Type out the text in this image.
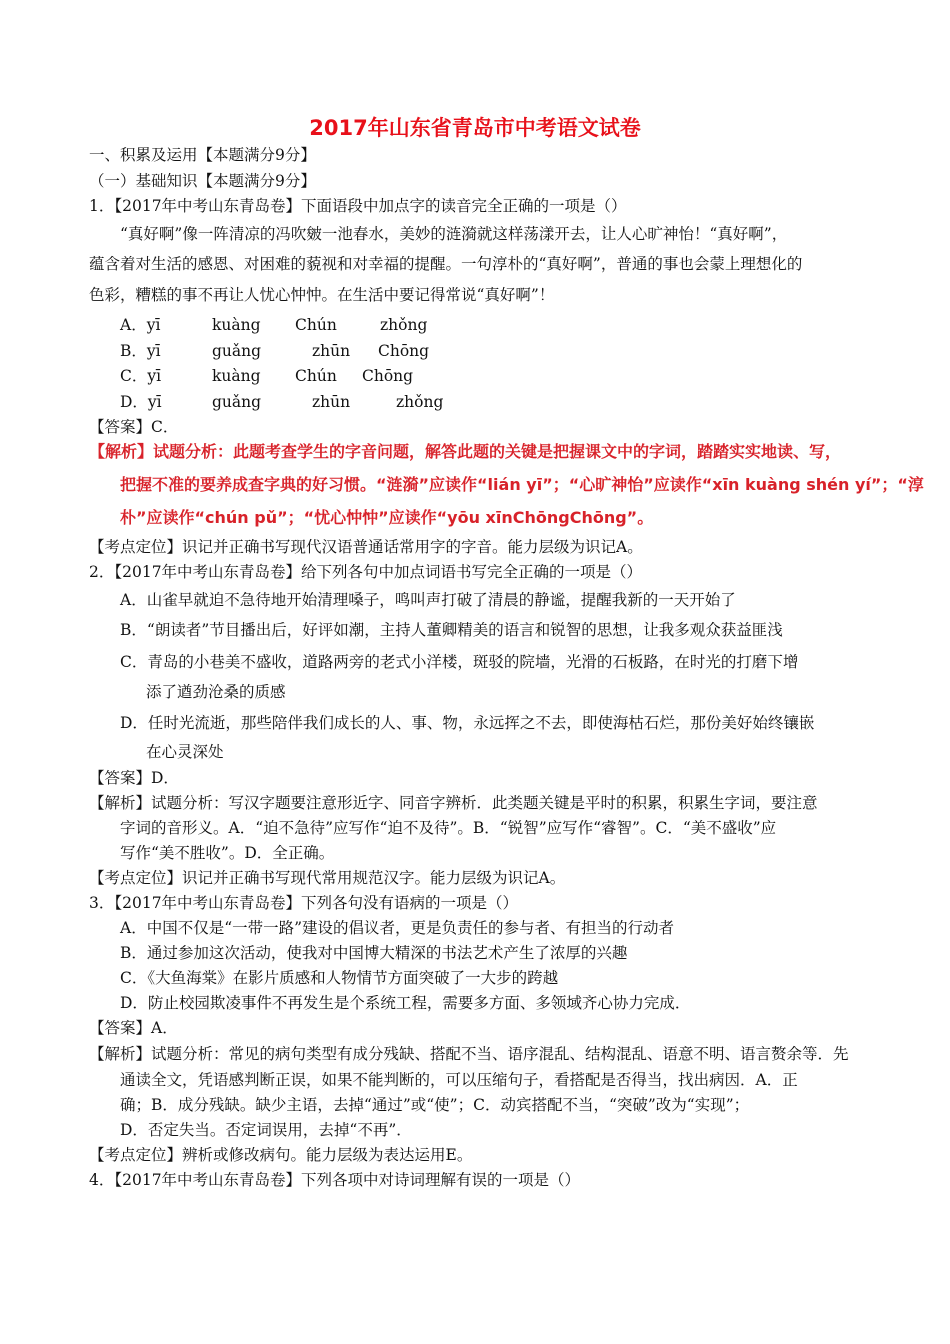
2017年山东省青岛市中考语文试卷
一、积累及运用【本题满分9分】
（一）基础知识【本题满分9分】
1．【2017年中考山东青岛卷】下面语段中加点字的读音完全正确的一项是（）
“真好啊”像一阵清凉的冯吹皴一池春水，美妙的涟漪就这样荡漾开去，让人心旷神怡！“真好啊”，
蕴含着对生活的感恩、对困难的藐视和对幸福的提醒。一句淳朴的“真好啊”，普通的事也会蒙上理想化的
色彩，糟糕的事不再让人忧心忡忡。在生活中要记得常说“真好啊”！
A．yī	kuàng Chún	zhǒng
B．yī	guǎng	zhūn Chōng
C．yī	kuàng Chún Chōng
D．yī	guǎng	zhūn	zhǒng
【答案】C．
【解析】试题分析：此题考查学生的字音问题，解答此题的关键是把握课文中的字词，踏踏实实地读、写，
把握不准的要养成查字典的好习惯。“涟漪”应读作“lián yī”；“心旷神怡”应读作“xīn kuàng shén yí”；“淳
朴”应读作“chún pǔ”；“忧心忡忡”应读作“yōu xīnChōngChōng”。
【考点定位】识记并正确书写现代汉语普通话常用字的字音。能力层级为识记A。
2．【2017年中考山东青岛卷】给下列各句中加点词语书写完全正确的一项是（）
A．山雀早就迫不急待地开始清理嗓子，鸣叫声打破了清晨的静谧，提醒我新的一天开始了
B．“朗读者”节目播出后，好评如潮，主持人董卿精美的语言和锐智的思想，让我多观众获益匪浅
C．青岛的小巷美不盛收，道路两旁的老式小洋楼，斑驳的院墙，光滑的石板路，在时光的打磨下增
添了遒劲沧桑的质感
D．任时光流逝，那些陪伴我们成长的人、事、物，永远挥之不去，即使海枯石烂，那份美好始终镶嵌
在心灵深处
【答案】D．
【解析】试题分析：写汉字题要注意形近字、同音字辨析．此类题关键是平时的积累，积累生字词，要注意
字词的音形义。A．“迫不急待”应写作“迫不及待”。B．“锐智”应写作“睿智”。C．“美不盛收”应
写作“美不胜收”。D．全正确。
【考点定位】识记并正确书写现代常用规范汉字。能力层级为识记A。
3．【2017年中考山东青岛卷】下列各句没有语病的一项是（）
A．中国不仅是“一带一路”建设的倡议者，更是负责任的参与者、有担当的行动者
B．通过参加这次活动，使我对中国博大精深的书法艺术产生了浓厚的兴趣
C．《大鱼海棠》在影片质感和人物情节方面突破了一大步的跨越
D．防止校园欺凌事件不再发生是个系统工程，需要多方面、多领域齐心协力完成．
【答案】A．
【解析】试题分析：常见的病句类型有成分残缺、搭配不当、语序混乱、结构混乱、语意不明、语言赘余等．先
通读全文，凭语感判断正误，如果不能判断的，可以压缩句子，看搭配是否得当，找出病因．A．正
确；B．成分残缺。缺少主语，去掉“通过”或“使”；C．动宾搭配不当，“突破”改为“实现”；
D．否定失当。否定词误用，去掉“不再”．
【考点定位】辨析或修改病句。能力层级为表达运用E。
4．【2017年中考山东青岛卷】下列各项中对诗词理解有误的一项是（）
